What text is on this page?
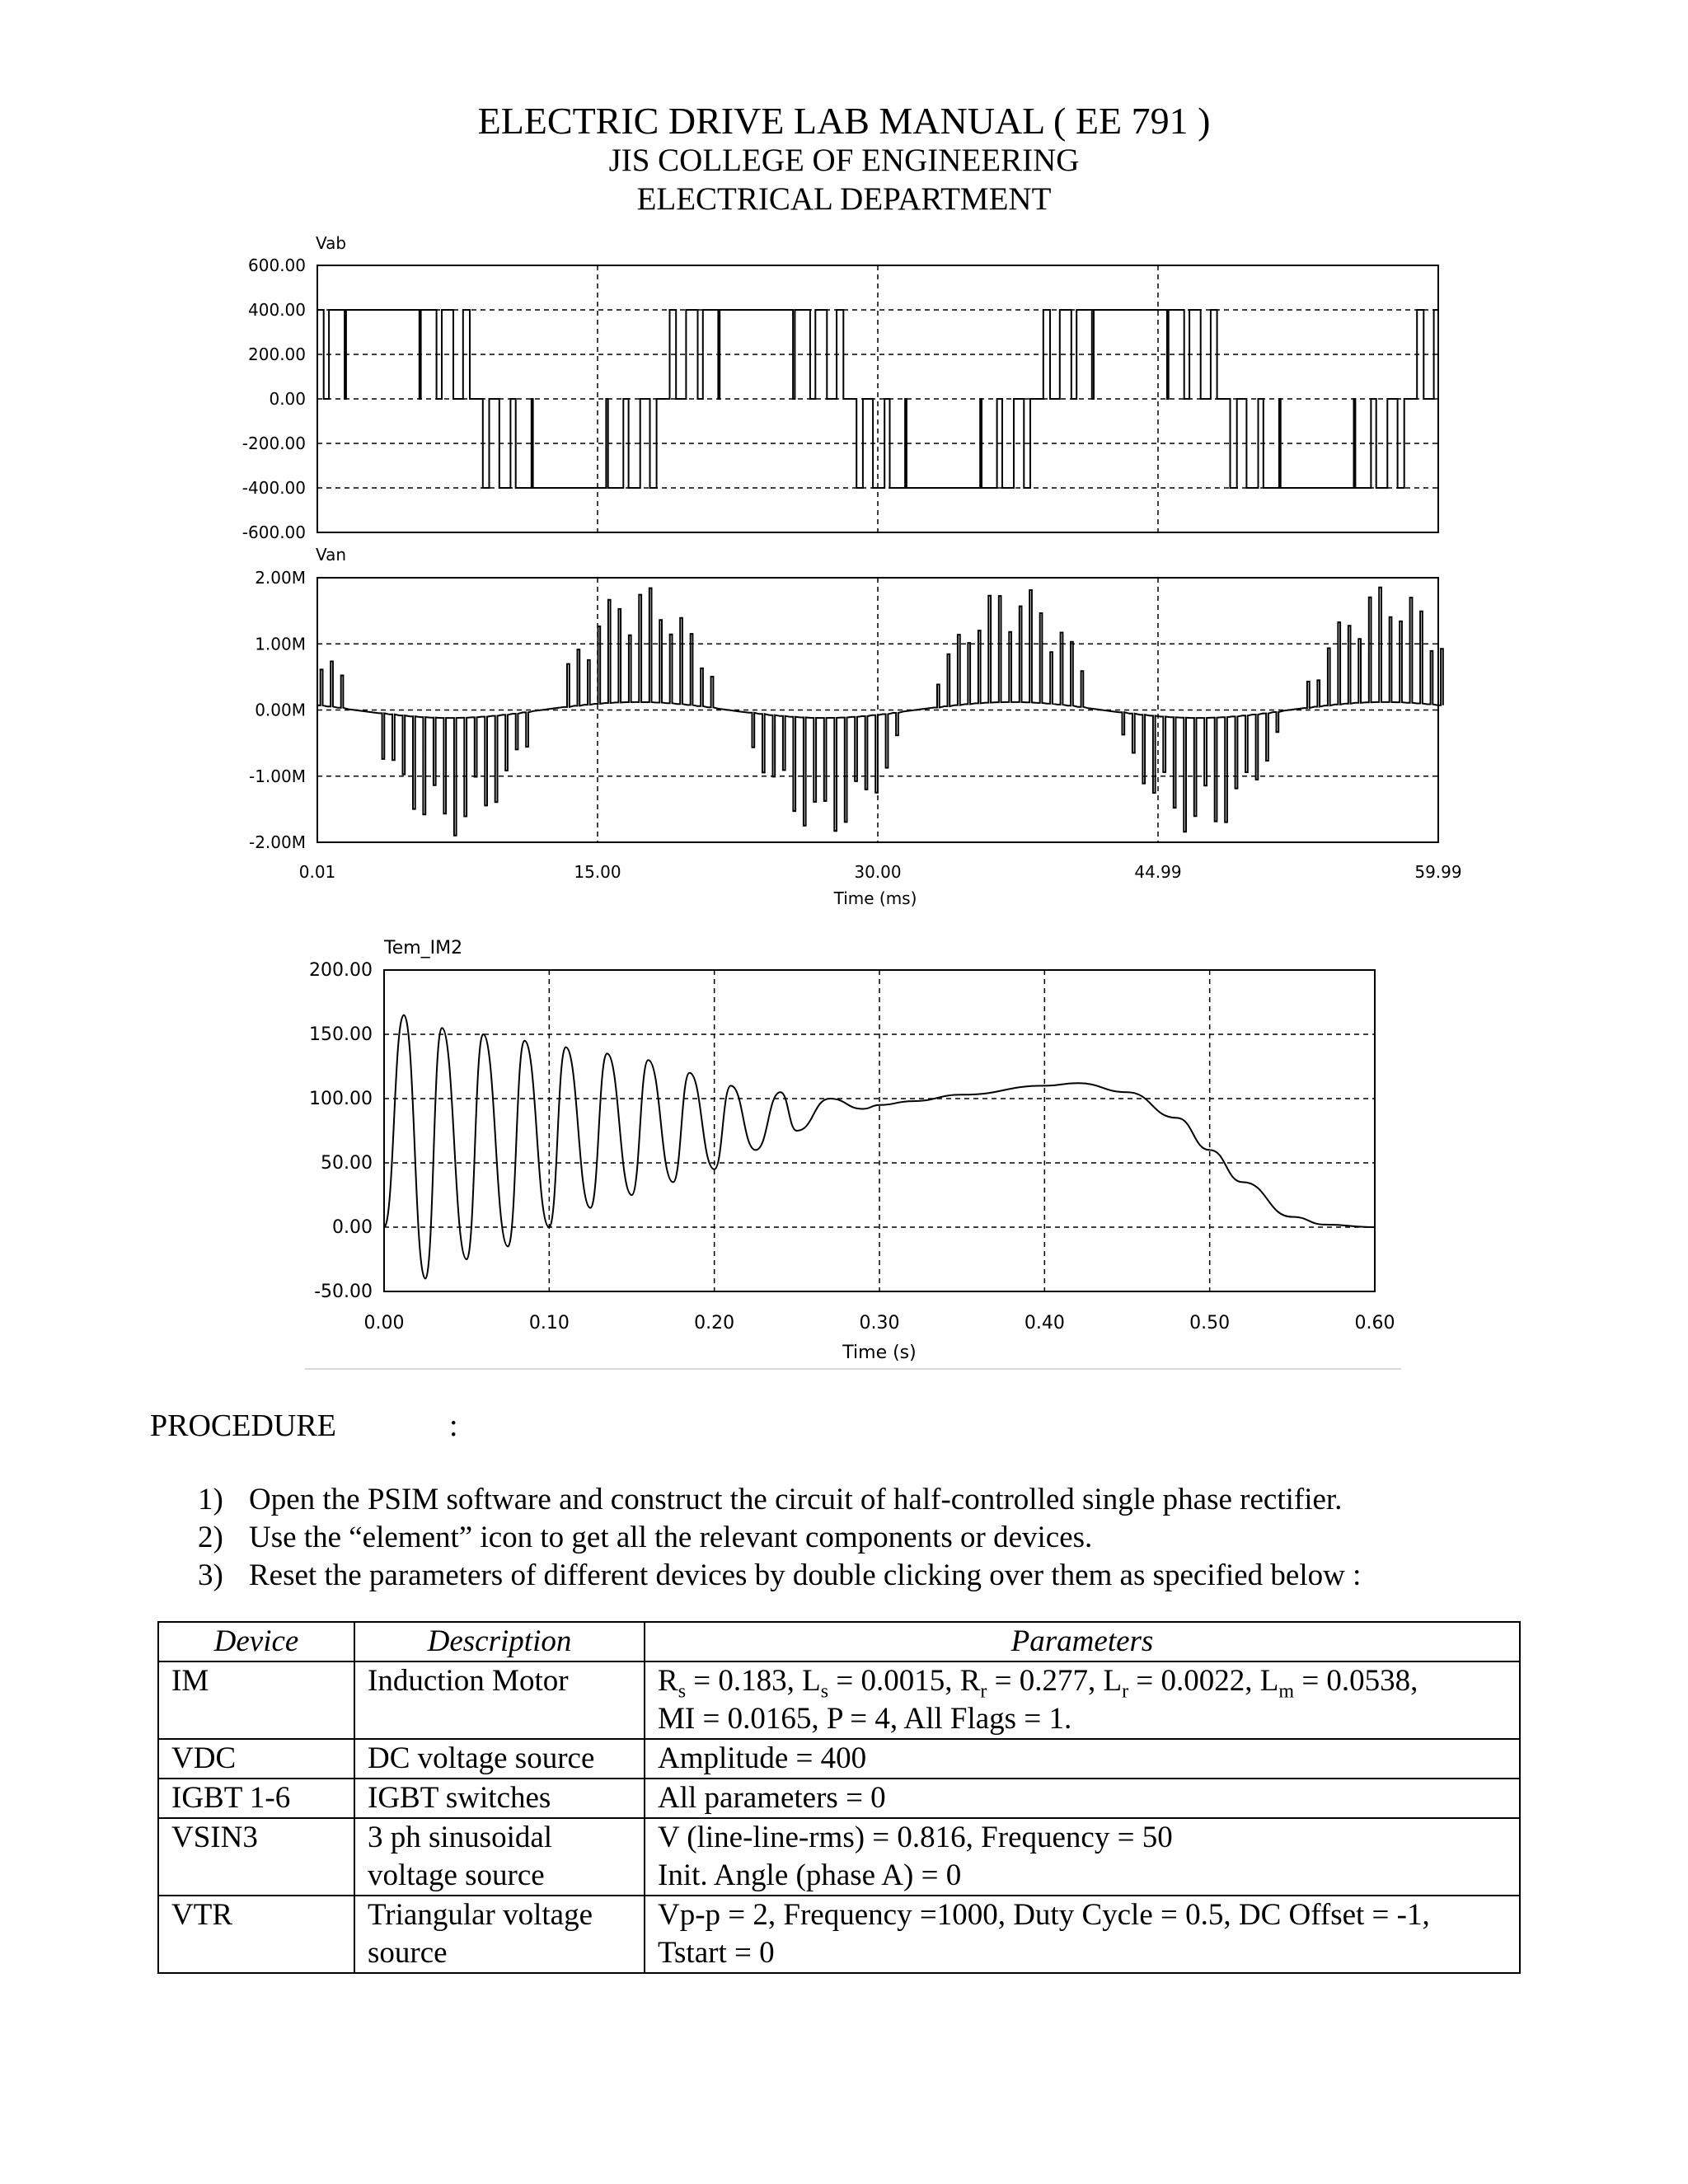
ELECTRIC DRIVE LAB MANUAL ( EE 791 )
JIS COLLEGE OF ENGINEERING
ELECTRICAL DEPARTMENT
Vab
600.00
400.00
200.00
0.00
-200.00
-400.00
-600.00
Van
2.00M
1.00M
0.00M
-1.00M
-2.00M
0.01	15.00	30.00	44.99	59.99
Time (ms)
Tem_IM2
200.00
150.00
100.00
50.00
0.00
-50.00
0.00	0.10	0.20	0.30	0.40	0.50	0.60
Time (s)
PROCEDURE	:
1) Open the PSIM software and construct the circuit of half-controlled single phase rectifier.
2) Use the “element” icon to get all the relevant components or devices.
3) Reset the parameters of different devices by double clicking over them as specified below :
Device	Description	Parameters
IM	Induction Motor	$R_s = 0.183$, $L_s = 0.0015$, $R_r = 0.277$, $L_r = 0.0022$, $L_m = 0.0538$,
MI = 0.0165, P = 4, All Flags = 1.
VDC	DC voltage source	Amplitude = 400
IGBT 1-6	IGBT switches	All parameters = 0
VSIN3	3 ph sinusoidal
voltage source	V (line-line-rms) = 0.816, Frequency = 50
Init. Angle (phase A) = 0
VTR	Triangular voltage
source	Vp-p = 2, Frequency =1000, Duty Cycle = 0.5, DC Offset = -1,
Tstart = 0
